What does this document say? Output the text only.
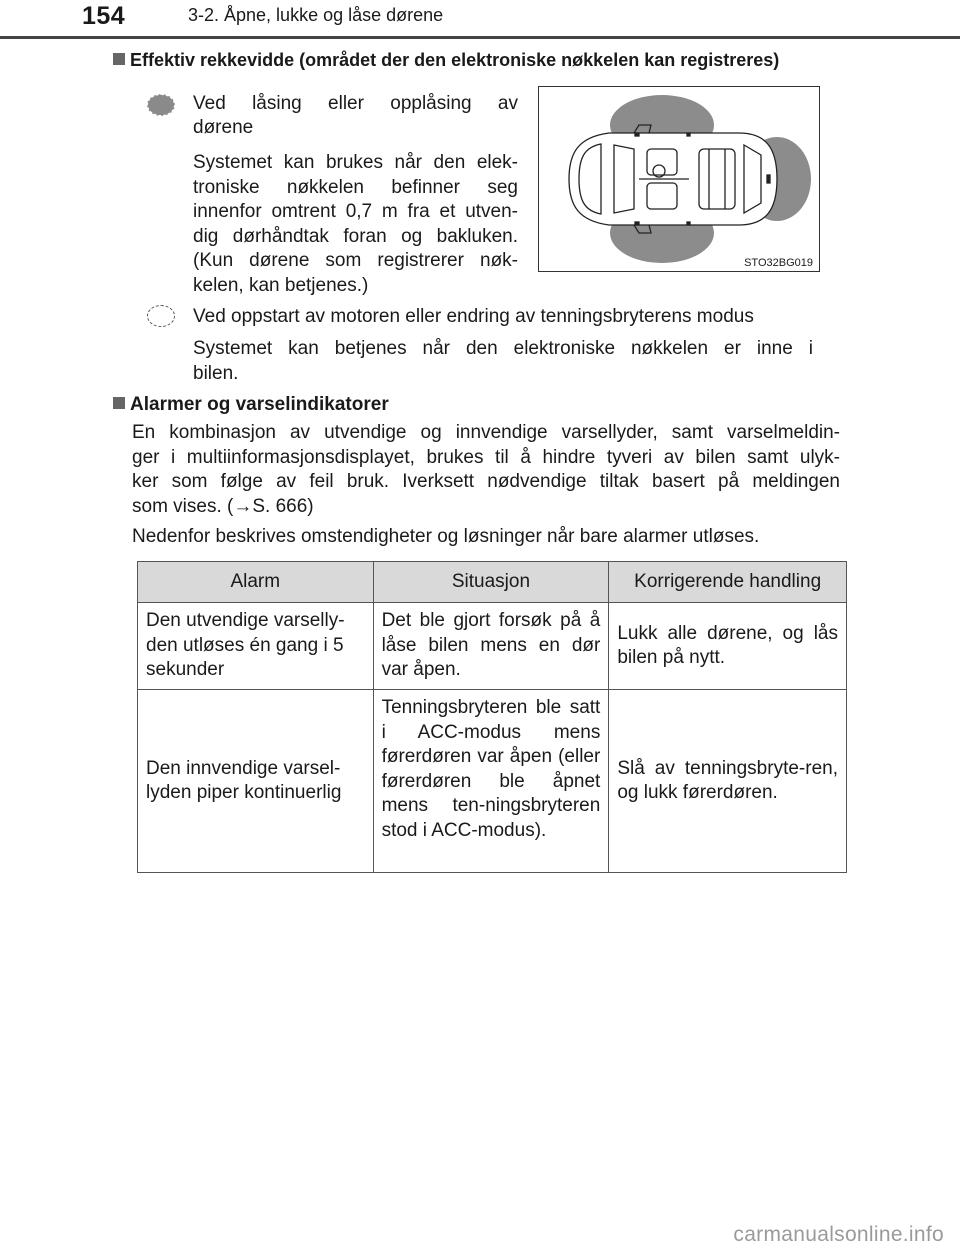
154	3-2. Åpne, lukke og låse dørene
Effektiv rekkevidde (området der den elektroniske nøkkelen kan registreres)
Ved låsing eller opplåsing av
dørene
Systemet kan brukes når den elek-
troniske nøkkelen befinner seg
innenfor omtrent 0,7 m fra et utven-
dig dørhåndtak foran og bakluken.
(Kun dørene som registrerer nøk-
kelen, kan betjenes.)
STO32BG019
Ved oppstart av motoren eller endring av tenningsbryterens modus
Systemet kan betjenes når den elektroniske nøkkelen er inne i
bilen.
Alarmer og varselindikatorer
En kombinasjon av utvendige og innvendige varsellyder, samt varselmeldin-
ger i multiinformasjonsdisplayet, brukes til å hindre tyveri av bilen samt ulyk-
ker som følge av feil bruk. Iverksett nødvendige tiltak basert på meldingen
som vises. (→S. 666)
Nedenfor beskrives omstendigheter og løsninger når bare alarmer utløses.
Alarm	Situasjon	Korrigerende handling
Den utvendige varselly-den utløses én gang i 5 sekunder	Det ble gjort forsøk på å låse bilen mens en dør var åpen.	Lukk alle dørene, og lås bilen på nytt.
Den innvendige varsel-lyden piper kontinuerlig	Tenningsbryteren ble satt i ACC-modus mens førerdøren var åpen (eller førerdøren ble åpnet mens ten-ningsbryteren stod i ACC-modus).	Slå av tenningsbryte-ren, og lukk førerdøren.
carmanualsonline.info
